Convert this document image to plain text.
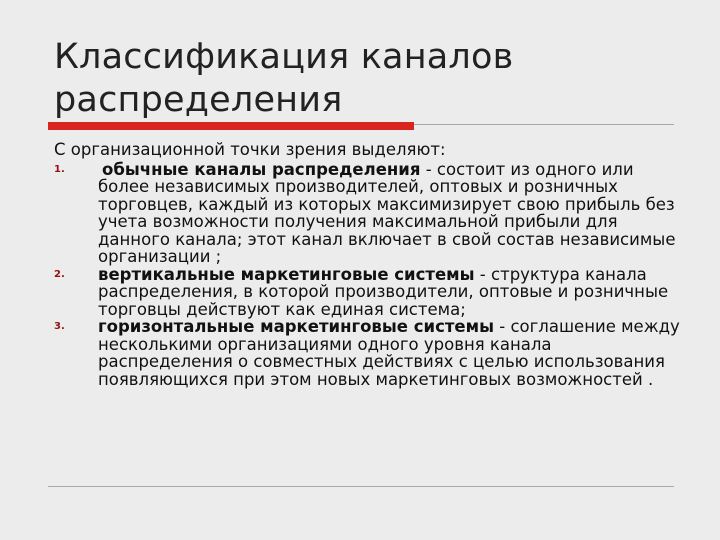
Классификация каналов распределения

С организационной точки зрения выделяют:

1. обычные каналы распределения - состоит из одного или более независимых производителей, оптовых и розничных торговцев, каждый из которых максимизирует свою прибыль без учета возможности получения максимальной прибыли для данного канала; этот канал включает в свой состав независимые организации ;
2. вертикальные маркетинговые системы - структура канала распределения, в которой производители, оптовые и розничные торговцы действуют как единая система;
3. горизонтальные маркетинговые системы - соглашение между несколькими организациями одного уровня канала распределения о совместных действиях с целью использования появляющихся при этом новых маркетинговых возможностей .
